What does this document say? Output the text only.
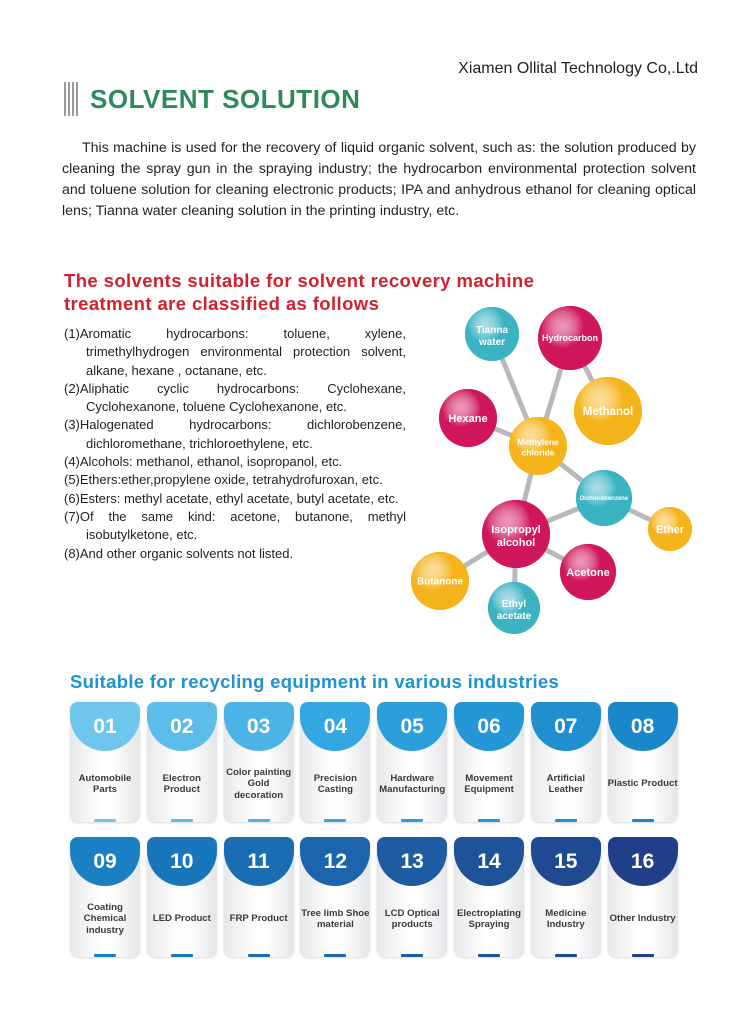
Xiamen Ollital Technology Co,.Ltd
SOLVENT SOLUTION
This machine is used for the recovery of liquid organic solvent, such as: the solution produced by cleaning the spray gun in the spraying industry; the hydrocarbon environmental protection solvent and toluene solution for cleaning electronic products; IPA and anhydrous ethanol for cleaning optical lens; Tianna water cleaning solution in the printing industry, etc.
The solvents suitable for solvent recovery machine
treatment are classified as follows
(1)Aromatic hydrocarbons: toluene, xylene, trimethylhydrogen environmental protection solvent, alkane, hexane , octanane, etc.
(2)Aliphatic cyclic hydrocarbons: Cyclohexane, Cyclohexanone, toluene Cyclohexanone, etc.
(3)Halogenated hydrocarbons: dichlorobenzene, dichloromethane, trichloroethylene, etc.
(4)Alcohols: methanol, ethanol, isopropanol, etc.
(5)Ethers:ether,propylene oxide, tetrahydrofuroxan, etc.
(6)Esters: methyl acetate, ethyl acetate, butyl acetate, etc.
(7)Of the same kind: acetone, butanone, methyl isobutylketone, etc.
(8)And other organic solvents not listed.
Tianna
water	Hydrocarbon
Methanol
Hexane
Methylene
chloride
Dichlorobenzene
Ether
Isopropyl
alcohol
Acetone
Butanone
Ethyl
acetate
Suitable for recycling equipment in various industries
01
Automobile Parts
02
Electron Product
03
Color painting Gold decoration
04
Precision Casting
05
Hardware Manufacturing
06
Movement Equipment
07
Artificial Leather
08
Plastic Product
09
Coating Chemical industry
10
LED Product
11
FRP Product
12
Tree limb Shoe material
13
LCD Optical products
14
Electroplating Spraying
15
Medicine Industry
16
Other Industry
